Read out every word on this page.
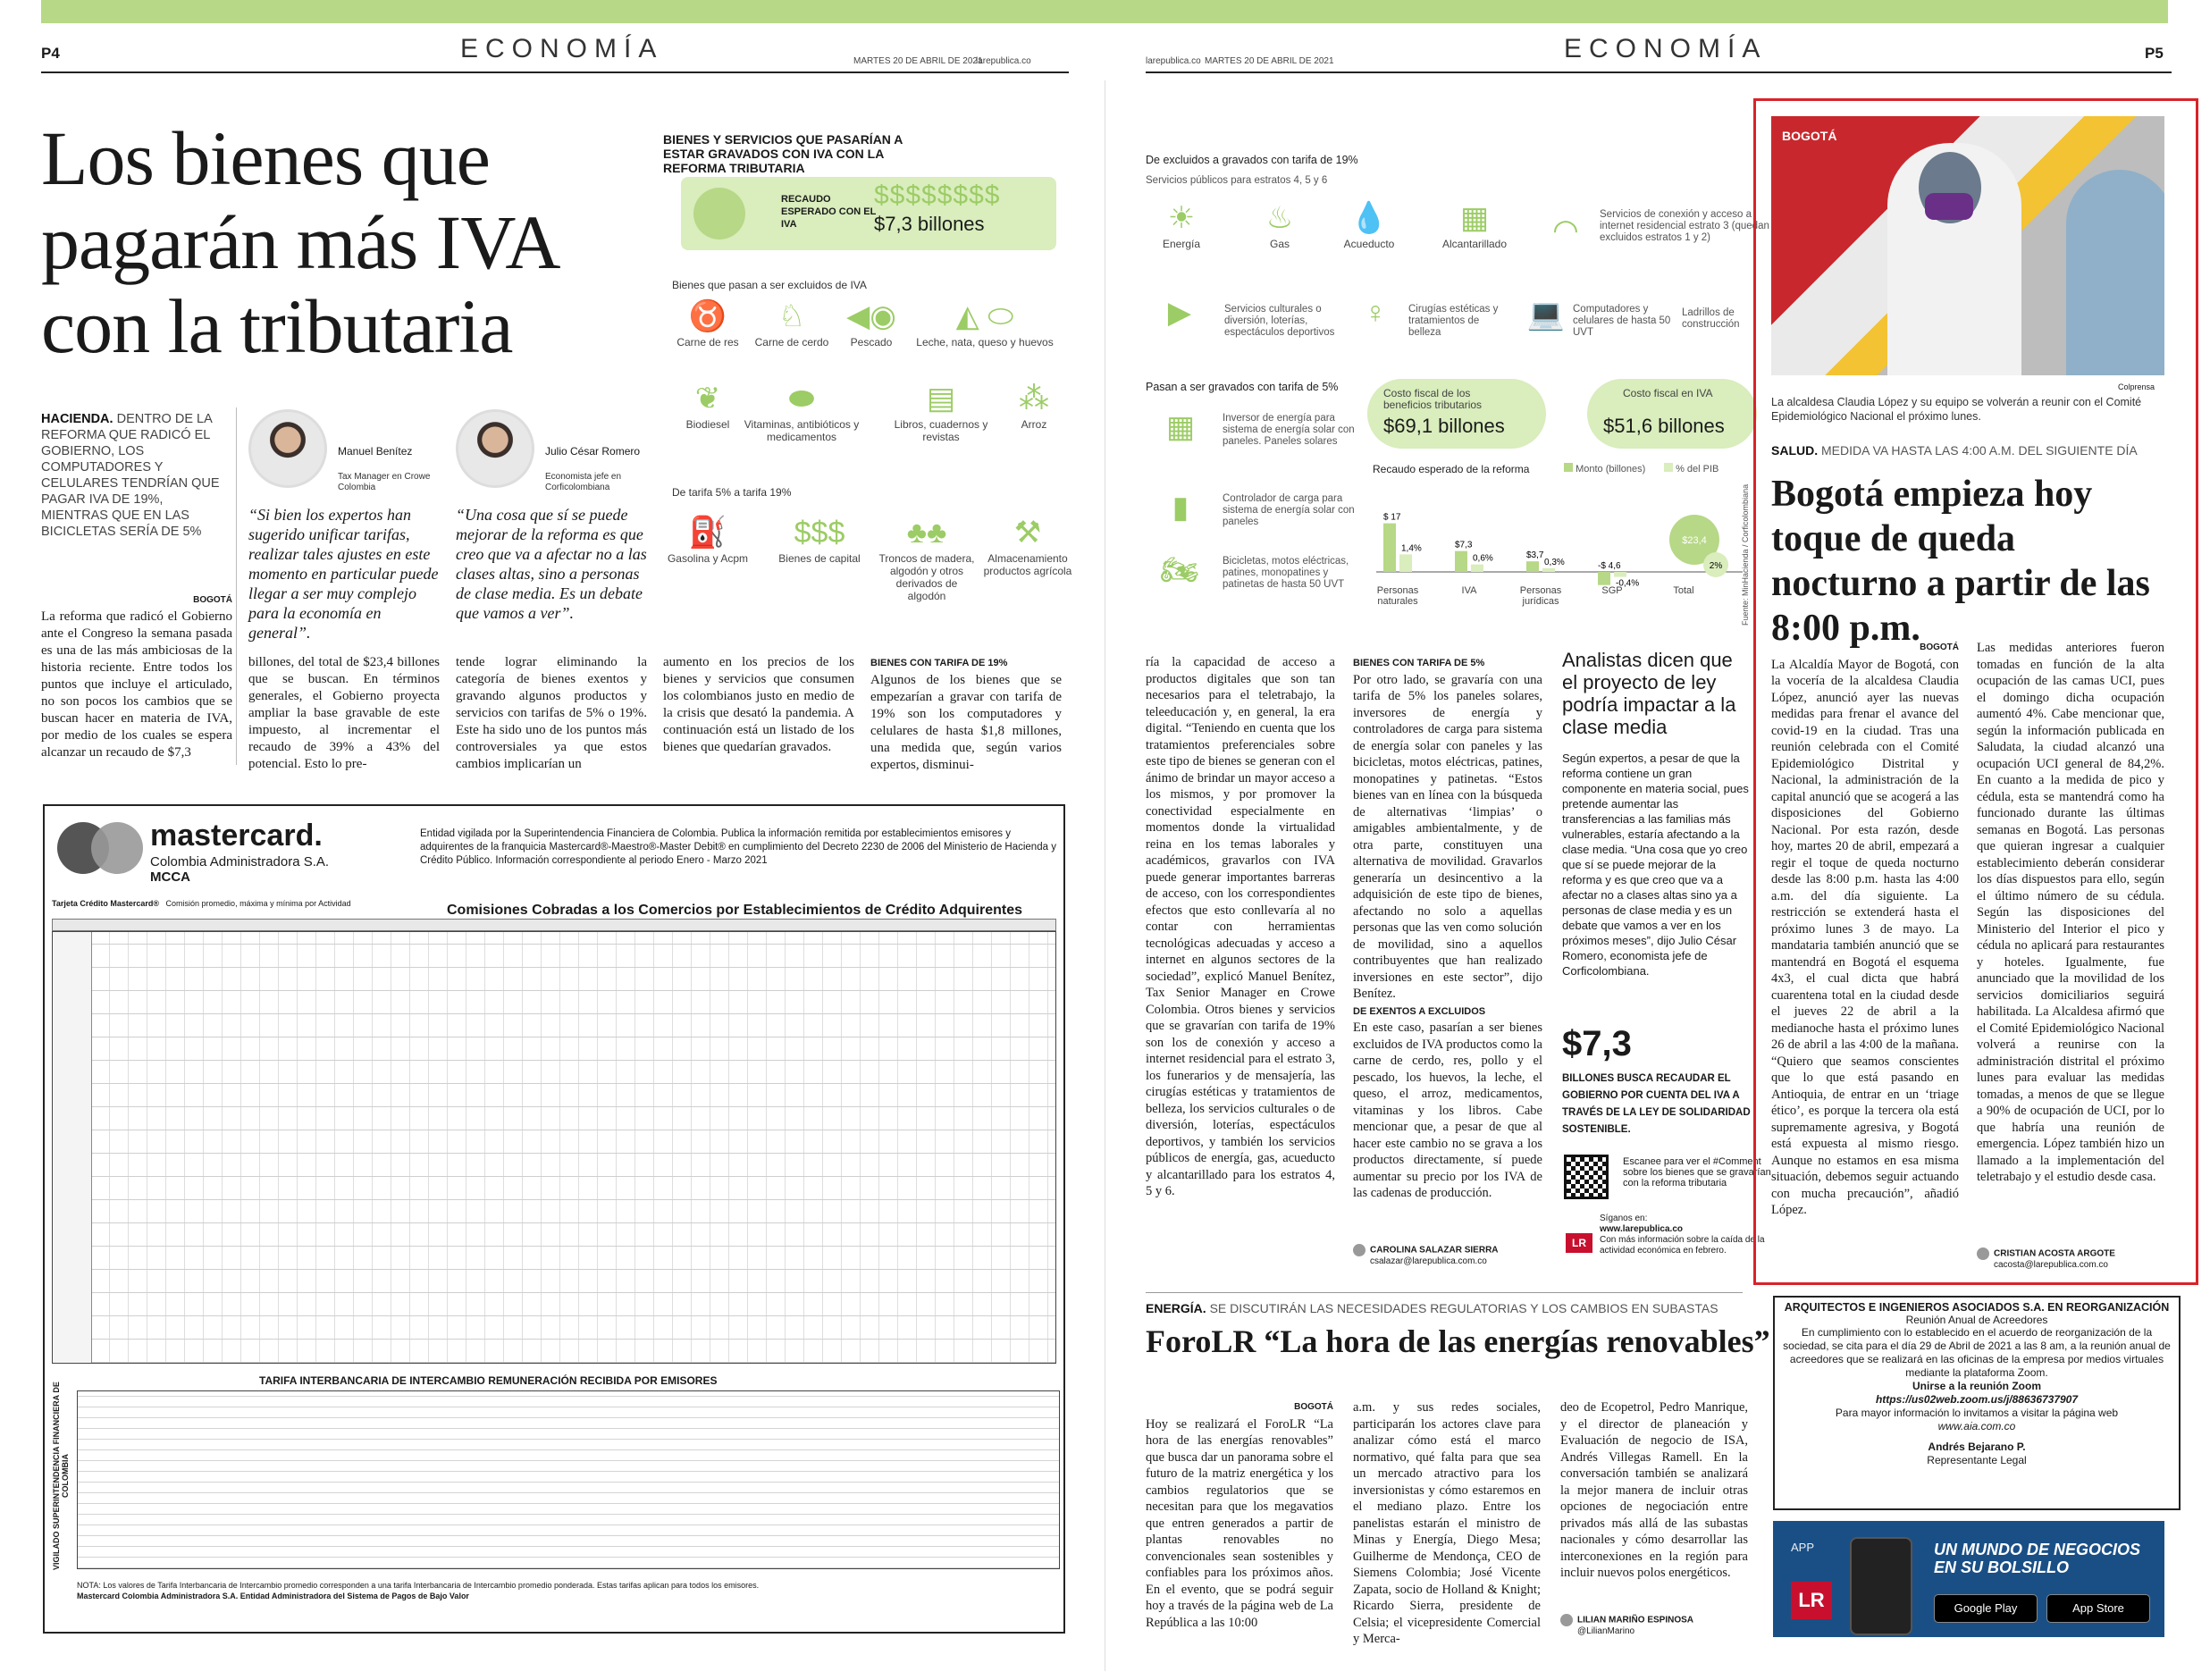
P4	ECONOMÍA	MARTES 20 DE ABRIL DE 2021
larepublica.co	larepublica.co MARTES 20 DE ABRIL DE 2021	ECONOMÍA	P5
Los bienes que pagarán más IVA con la tributaria
HACIENDA. DENTRO DE LA REFORMA QUE RADICÓ EL GOBIERNO, LOS COMPUTADORES Y CELULARES TENDRÍAN QUE PAGAR IVA DE 19%, MIENTRAS QUE EN LAS BICICLETAS SERÍA DE 5%
Manuel Benítez
Tax Manager en Crowe Colombia
Julio César Romero
Economista jefe en Corficolombiana
“Si bien los expertos han sugerido unificar tarifas, realizar tales ajustes en este momento en particular puede llegar a ser muy complejo para la economía en general”.
“Una cosa que sí se puede mejorar de la reforma es que creo que va a afectar no a las clases altas, sino a personas de clase media. Es un debate que vamos a ver”.
BOGOTÁ
La reforma que radicó el Gobierno ante el Congreso la semana pasada es una de las más ambiciosas de la historia reciente. Entre todos los puntos que incluye el articulado, no son pocos los cambios que se buscan hacer en materia de IVA, por medio de los cuales se espera alcanzar un recaudo de $7,3
billones, del total de $23,4 billones que se buscan. En términos generales, el Gobierno proyecta ampliar la base gravable de este impuesto, al incrementar el recaudo de 39% a 43% del potencial. Esto lo pre-
tende lograr eliminando la categoría de bienes exentos y gravando algunos productos y servicios con tarifas de 5% o 19%. Este ha sido uno de los puntos más controversiales ya que estos cambios implicarían un
aumento en los precios de los bienes y servicios que consumen los colombianos justo en medio de la crisis que desató la pandemia. A continuación está un listado de los bienes que quedarían gravados.
BIENES CON TARIFA DE 19%
Algunos de los bienes que se empezarían a gravar con tarifa de 19% son los computadores y celulares de hasta $1,8 millones, una medida que, según varios expertos, disminui-
BIENES Y SERVICIOS QUE PASARÍAN A ESTAR GRAVADOS CON IVA CON LA REFORMA TRIBUTARIA
RECAUDO ESPERADO CON EL IVA
$$$$$$$$
$7,3 billones
Bienes que pasan a ser excluidos de IVA
♉
Carne de res
♘
Carne de cerdo
◀◉
Pescado
◭ ⬭
Leche, nata, queso y huevos
❦
Biodiesel
⬬
Vitaminas, antibióticos y medicamentos
▤
Libros, cuadernos y revistas
⁂
Arroz
De tarifa 5% a tarifa 19%
⛽
Gasolina y Acpm
$$$
Bienes de capital
♣♣
Troncos de madera, algodón y otros derivados de algodón
⚒
Almacenamiento productos agrícola
mastercard.
Colombia Administradora S.A.
MCCA
Entidad vigilada por la Superintendencia Financiera de Colombia. Publica la información remitida por establecimientos emisores y adquirentes de la franquicia Mastercard®-Maestro®-Master Debit® en cumplimiento del Decreto 2230 de 2006 del Ministerio de Hacienda y Crédito Público. Información correspondiente al periodo Enero - Marzo 2021
Tarjeta Crédito Mastercard® Comisión promedio, máxima y mínima por Actividad	Comisiones Cobradas a los Comercios por Establecimientos de Crédito Adquirentes
TARIFA INTERBANCARIA DE INTERCAMBIO REMUNERACIÓN RECIBIDA POR EMISORES
VIGILADO SUPERINTENDENCIA FINANCIERA DE COLOMBIA
NOTA: Los valores de Tarifa Interbancaria de Intercambio promedio corresponden a una tarifa Interbancaria de Intercambio promedio ponderada. Estas tarifas aplican para todos los emisores.
Mastercard Colombia Administradora S.A. Entidad Administradora del Sistema de Pagos de Bajo Valor
De excluidos a gravados con tarifa de 19%
Servicios públicos para estratos 4, 5 y 6
☀
Energía
♨
Gas
💧
Acueducto
▦
Alcantarillado	◠	Servicios de conexión y acceso a internet residencial estrato 3 (quedan excluidos estratos 1 y 2)
Servicios culturales o diversión, loterías, espectáculos deportivos
▶	♀	Cirugías estéticas y tratamientos de belleza
💻 Computadores y celulares de hasta 50 UVT
Ladrillos de construcción
Pasan a ser gravados con tarifa de 5%
▦	Inversor de energía para sistema de energía solar con paneles. Paneles solares
▮	Controlador de carga para sistema de energía solar con paneles
🏍	Bicicletas, motos eléctricas, patines, monopatines y patinetas de hasta 50 UVT
Costo fiscal de los beneficios tributarios
$69,1 billones
Costo fiscal en IVA
$51,6 billones
Recaudo esperado de la reforma	Monto (billones)	% del PIB
$ 17
1,4%
Personas
naturales
$7,3
0,6%
IVA
$3,7
0,3%
Personas
jurídicas
-$ 4,6
-0,4%
SGP
$23,4
2%
Total	Fuente: MinHacienda / Corficolombiana
ría la capacidad de acceso a productos digitales que son tan necesarios para el teletrabajo, la teleeducación y, en general, la era digital. “Teniendo en cuenta que los tratamientos preferenciales sobre este tipo de bienes se generan con el ánimo de brindar un mayor acceso a los mismos, y por promover la conectividad especialmente en momentos donde la virtualidad reina en los temas laborales y académicos, gravarlos con IVA puede generar importantes barreras de acceso, con los correspondientes efectos que esto conllevaría al no contar con herramientas tecnológicas adecuadas y acceso a internet en algunos sectores de la sociedad”, explicó Manuel Benítez, Tax Senior Manager en Crowe Colombia. Otros bienes y servicios que se gravarían con tarifa de 19% son los de conexión y acceso a internet residencial para el estrato 3, los funerarios y de mensajería, las cirugías estéticas y tratamientos de belleza, los servicios culturales o de diversión, loterías, espectáculos deportivos, y también los servicios públicos de energía, gas, acueducto y alcantarillado para los estratos 4, 5 y 6.
BIENES CON TARIFA DE 5%
Por otro lado, se gravaría con una tarifa de 5% los paneles solares, inversores de energía y controladores de carga para sistema de energía solar con paneles y las bicicletas, motos eléctricas, patines, monopatines y patinetas. “Estos bienes van en línea con la búsqueda de alternativas ‘limpias’ o amigables ambientalmente, y de otra parte, constituyen una alternativa de movilidad. Gravarlos generaría un desincentivo a la adquisición de este tipo de bienes, afectando no solo a aquellas personas que las ven como solución de movilidad, sino a aquellos contribuyentes que han realizado inversiones en este sector”, dijo Benítez.
DE EXENTOS A EXCLUIDOS
En este caso, pasarían a ser bienes excluidos de IVA productos como la carne de cerdo, res, pollo y el pescado, los huevos, la leche, el queso, el arroz, medicamentos, vitaminas y los libros. Cabe mencionar que, a pesar de que al hacer este cambio no se grava a los productos directamente, sí puede aumentar su precio por los IVA de las cadenas de producción.
CAROLINA SALAZAR SIERRA
csalazar@larepublica.com.co
Analistas dicen que el proyecto de ley podría impactar a la clase media
Según expertos, a pesar de que la reforma contiene un gran componente en materia social, pues pretende aumentar las transferencias a las familias más vulnerables, estaría afectando a la clase media. “Una cosa que yo creo que sí se puede mejorar de la reforma y es que creo que va a afectar no a clases altas sino ya a personas de clase media y es un debate que vamos a ver en los próximos meses”, dijo Julio César Romero, economista jefe de Corficolombiana.
$7,3
BILLONES BUSCA RECAUDAR EL GOBIERNO POR CUENTA DEL IVA A TRAVÉS DE LA LEY DE SOLIDARIDAD SOSTENIBLE.
Escanee para ver el #Comment sobre los bienes que se gravarían con la reforma tributaria
LR
Síganos en:
www.larepublica.co
Con más información sobre la caída de la actividad económica en febrero.
BOGOTÁ
Colprensa
La alcaldesa Claudia López y su equipo se volverán a reunir con el Comité Epidemiológico Nacional el próximo lunes.
SALUD. MEDIDA VA HASTA LAS 4:00 A.M. DEL SIGUIENTE DÍA
Bogotá empieza hoy toque de queda nocturno a partir de las 8:00 p.m. BOGOTÁ
La Alcaldía Mayor de Bogotá, con la vocería de la alcaldesa Claudia López, anunció ayer las nuevas medidas para frenar el avance del covid-19 en la ciudad. Tras una reunión celebrada con el Comité Epidemiológico Distrital y Nacional, la administración de la capital anunció que se acogerá a las disposiciones del Gobierno Nacional. Por esta razón, desde hoy, martes 20 de abril, empezará a regir el toque de queda nocturno desde las 8:00 p.m. hasta las 4:00 a.m. del día siguiente. La restricción se extenderá hasta el próximo lunes 3 de mayo. La mandataria también anunció que se mantendrá en Bogotá el esquema 4x3, el cual dicta que habrá cuarentena total en la ciudad desde el jueves 22 de abril a la medianoche hasta el próximo lunes 26 de abril a las 4:00 de la mañana. “Quiero que seamos conscientes que lo que está pasando en Antioquia, de entrar en un ‘triage ético’, es porque la tercera ola está supremamente agresiva, y Bogotá está expuesta al mismo riesgo. Aunque no estamos en esa misma situación, debemos seguir actuando con mucha precaución”, añadió López.
Las medidas anteriores fueron tomadas en función de la alta ocupación de las camas UCI, pues el domingo dicha ocupación aumentó 4%. Cabe mencionar que, según la información publicada en Saludata, la ciudad alcanzó una ocupación UCI general de 84,2%. En cuanto a la medida de pico y cédula, esta se mantendrá como ha funcionado durante las últimas semanas en Bogotá. Las personas que quieran ingresar a cualquier establecimiento deberán considerar los días dispuestos para ello, según el último número de su cédula. Según las disposiciones del Ministerio del Interior el pico y cédula no aplicará para restaurantes y hoteles. Igualmente, fue anunciado que la movilidad de los servicios domiciliarios seguirá habilitada. La Alcaldesa afirmó que el Comité Epidemiológico Nacional volverá a reunirse con la administración distrital el próximo lunes para evaluar las medidas tomadas, a menos de que se llegue a 90% de ocupación de UCI, por lo que habría una reunión de emergencia. López también hizo un llamado a la implementación del teletrabajo y el estudio desde casa.
CRISTIAN ACOSTA ARGOTE
cacosta@larepublica.com.co
ARQUITECTOS E INGENIEROS ASOCIADOS S.A. EN REORGANIZACIÓN
Reunión Anual de Acreedores

En cumplimiento con lo establecido en el acuerdo de reorganización de la sociedad, se cita para el día 29 de Abril de 2021 a las 8 am, a la reunión anual de acreedores que se realizará en las oficinas de la empresa por medios virtuales mediante la plataforma Zoom.

Unirse a la reunión Zoom

https://us02web.zoom.us/j/88636737907

Para mayor información lo invitamos a visitar la página web

www.aia.com.co

Andrés Bejarano P.

Representante Legal

APP
LR
UN MUNDO DE NEGOCIOS EN SU BOLSILLO
Google Play	App Store
ENERGÍA. SE DISCUTIRÁN LAS NECESIDADES REGULATORIAS Y LOS CAMBIOS EN SUBASTAS
ForoLR “La hora de las energías renovables”
BOGOTÁ
Hoy se realizará el ForoLR “La hora de las energías renovables” que busca dar un panorama sobre el futuro de la matriz energética y los cambios regulatorios que se necesitan para que los megavatios que entren generados a partir de plantas renovables no convencionales sean sostenibles y confiables para los próximos años. En el evento, que se podrá seguir hoy a través de la página web de La República a las 10:00
a.m. y sus redes sociales, participarán los actores clave para analizar cómo está el marco normativo, qué falta para que sea un mercado atractivo para los inversionistas y cómo estaremos en el mediano plazo. Entre los panelistas estarán el ministro de Minas y Energía, Diego Mesa; Guilherme de Mendonça, CEO de Siemens Colombia; José Vicente Zapata, socio de Holland & Knight; Ricardo Sierra, presidente de Celsia; el vicepresidente Comercial y Merca-
deo de Ecopetrol, Pedro Manrique, y el director de planeación y Evaluación de negocio de ISA, Andrés Villegas Ramell. En la conversación también se analizará la mejor manera de incluir otras opciones de negociación entre privados más allá de las subastas nacionales y cómo desarrollar las interconexiones en la región para incluir nuevos polos energéticos.
LILIAN MARIÑO ESPINOSA
@LilianMarino
